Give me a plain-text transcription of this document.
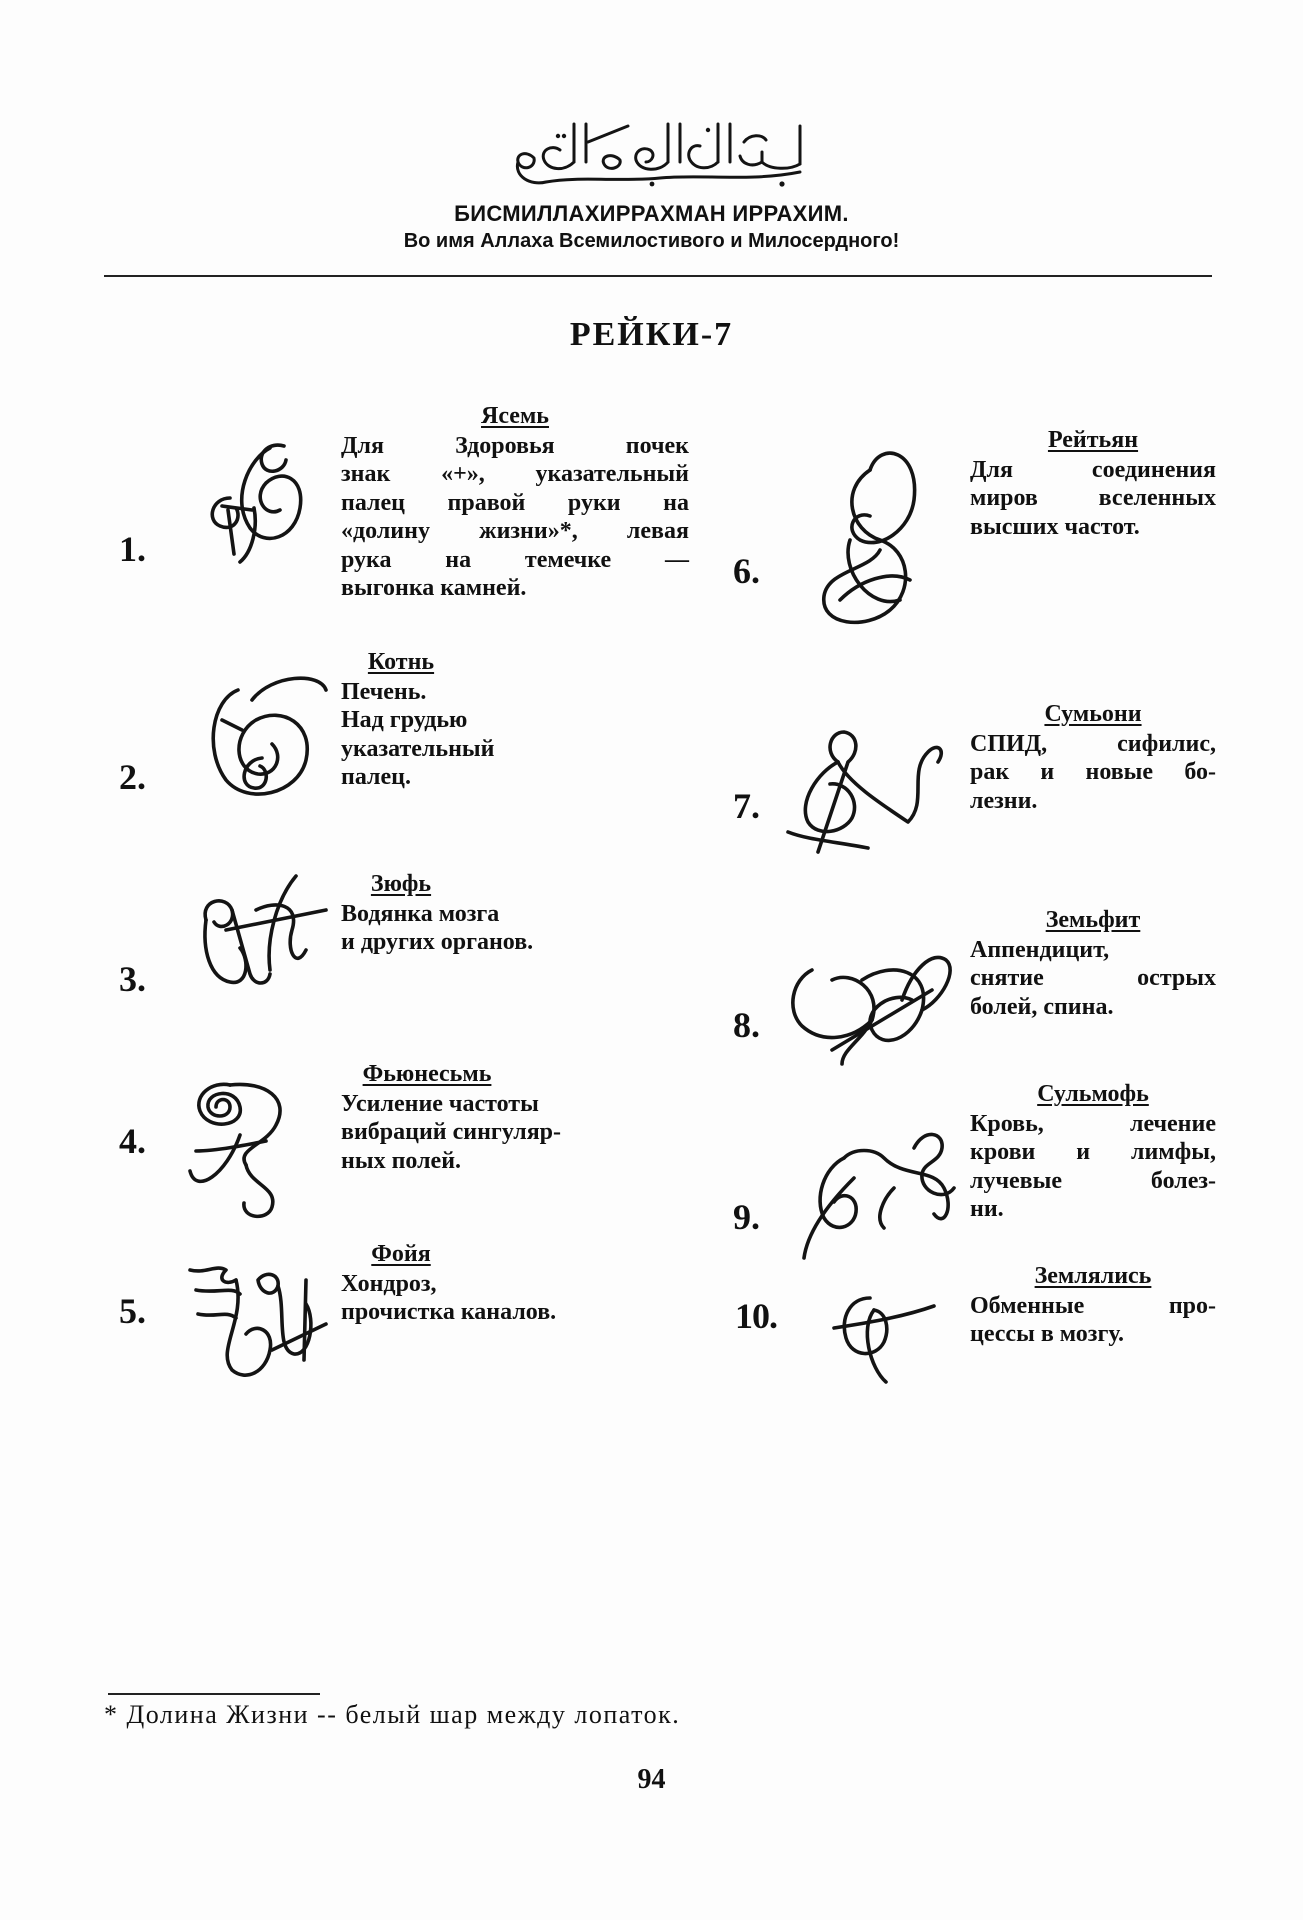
БИСМИЛЛАХИРРАХМАН ИРРАХИМ.
Во имя Аллаха Всемилостивого и Милосердного!
РЕЙКИ-7
1.
Ясемь
Для Здоровья почек
знак «+», указательный
палец правой руки на
«долину жизни»*, левая
рука на темечке —
выгонка камней.
2.
Котнь
Печень.
Над грудью
указательный
палец.
3.
Зюфь
Водянка мозга
и других органов.
4.
Фьюнесьмь
Усиление частоты
вибраций сингуляр-
ных полей.
5.
Фойя
Хондроз,
прочистка каналов.
6.
Рейтьян
Для соединения
миров вселенных
высших частот.
7.
Сумьони
СПИД, сифилис,
рак и новые бо-
лезни.
8.
Земьфит
Аппендицит,
снятие острых
болей, спина.
9.
Сульмофь
Кровь, лечение
крови и лимфы,
лучевые болез-
ни.
10.
Землялись
Обменные про-
цессы в мозгу.
* Долина Жизни -- белый шар между лопаток.
94
